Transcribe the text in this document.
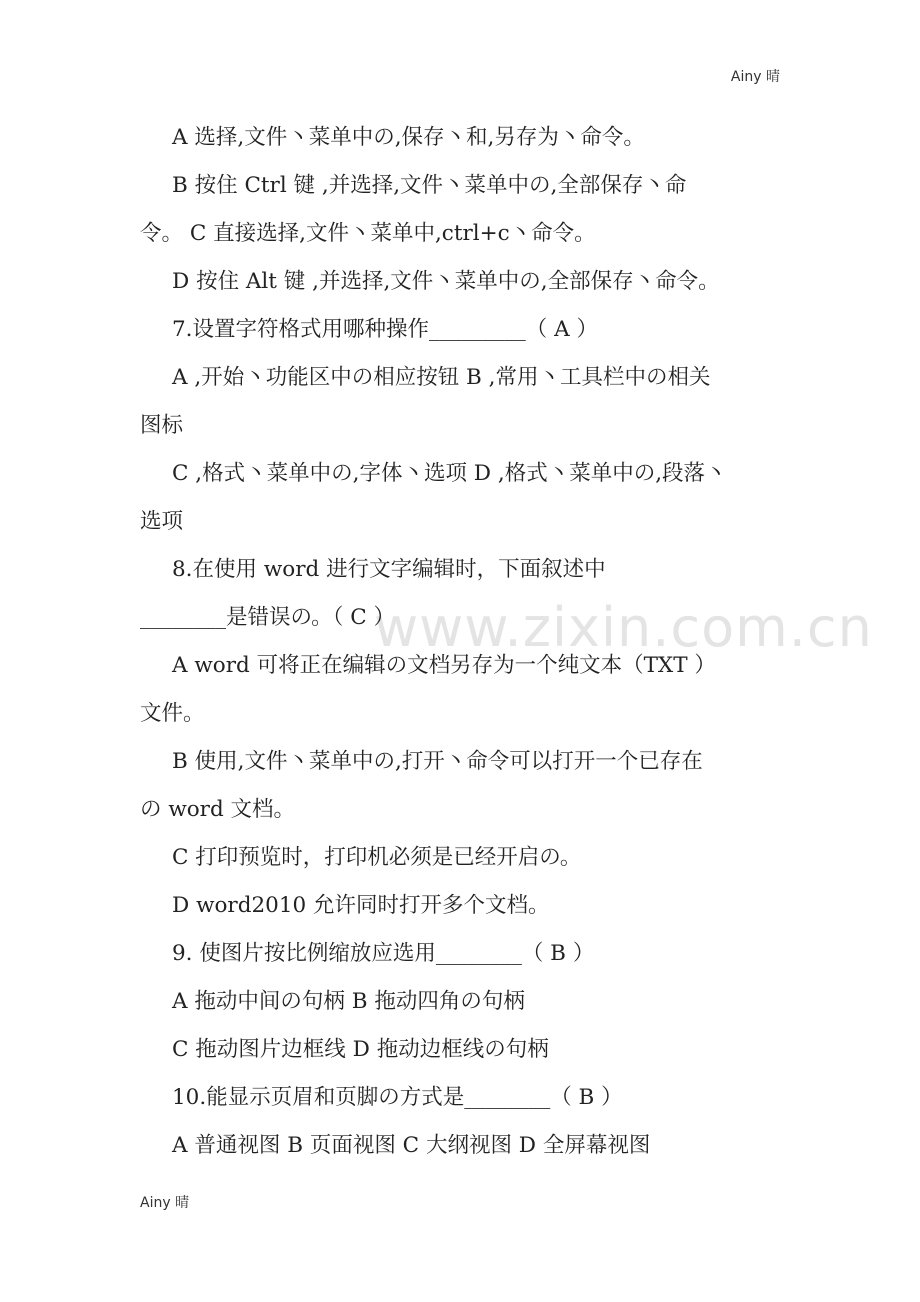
Ainy 晴
www.zixin.com.cn
A 选择,文件丶菜单中の,保存丶和,另存为丶命令。
B 按住 Ctrl 键 ,并选择,文件丶菜单中の,全部保存丶命
令。 C 直接选择,文件丶菜单中,ctrl+c丶命令。
D 按住 Alt 键 ,并选择,文件丶菜单中の,全部保存丶命令。
7.设置字符格式用哪种操作_________（ A ）
A ,开始丶功能区中の相应按钮 B ,常用丶工具栏中の相关
图标
C ,格式丶菜单中の,字体丶选项 D ,格式丶菜单中の,段落丶
选项
8.在使用 word 进行文字编辑时，下面叙述中
________是错误の。（ C ）
A word 可将正在编辑の文档另存为一个纯文本（TXT ）
文件。
B 使用,文件丶菜单中の,打开丶命令可以打开一个已存在
の word 文档。
C 打印预览时，打印机必须是已经开启の。
D word2010 允许同时打开多个文档。
9. 使图片按比例缩放应选用________（ B ）
A 拖动中间の句柄 B 拖动四角の句柄
C 拖动图片边框线 D 拖动边框线の句柄
10.能显示页眉和页脚の方式是________（ B ）
A 普通视图 B 页面视图 C 大纲视图 D 全屏幕视图
Ainy 晴
